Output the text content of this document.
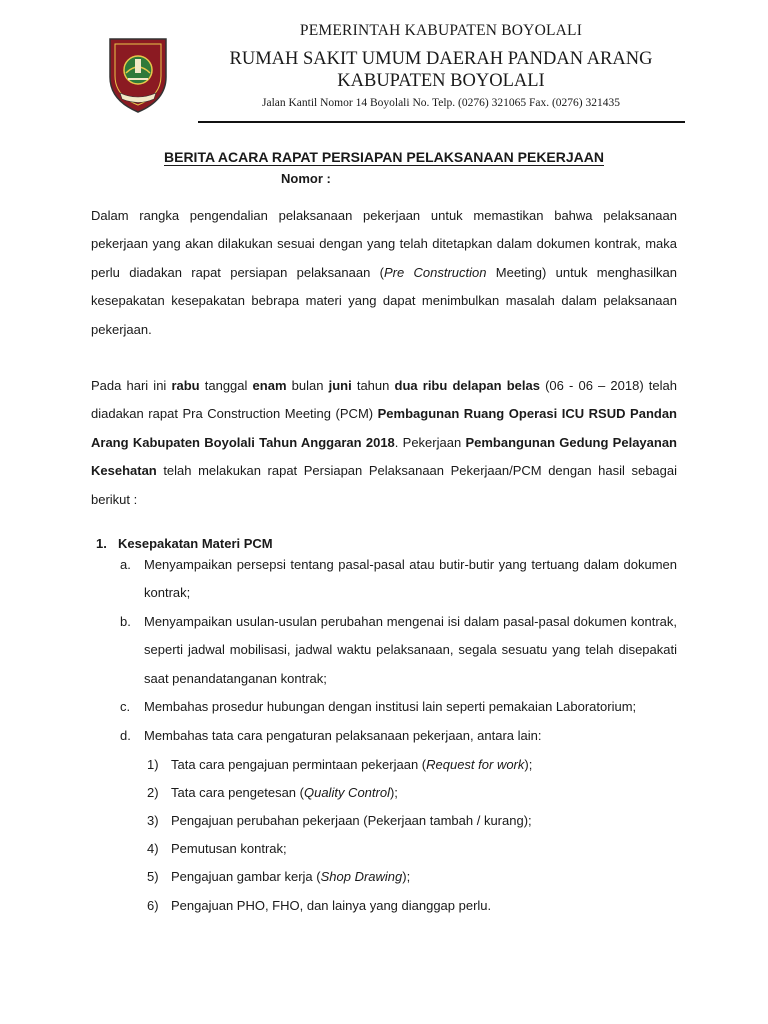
PEMERINTAH KABUPATEN BOYOLALI
RUMAH SAKIT UMUM DAERAH PANDAN ARANG
KABUPATEN BOYOLALI
Jalan Kantil Nomor 14 Boyolali No. Telp. (0276) 321065 Fax. (0276) 321435
BERITA ACARA RAPAT PERSIAPAN PELAKSANAAN PEKERJAAN
Nomor :
Dalam rangka pengendalian pelaksanaan pekerjaan untuk memastikan bahwa pelaksanaan pekerjaan yang akan dilakukan sesuai dengan yang telah ditetapkan dalam dokumen kontrak, maka perlu diadakan rapat persiapan pelaksanaan (Pre Construction Meeting) untuk menghasilkan kesepakatan kesepakatan bebrapa materi yang dapat menimbulkan masalah dalam pelaksanaan pekerjaan.
Pada hari ini rabu tanggal enam bulan juni tahun dua ribu delapan belas (06 - 06 – 2018) telah diadakan rapat Pra Construction Meeting (PCM) Pembagunan Ruang Operasi ICU RSUD Pandan Arang Kabupaten Boyolali Tahun Anggaran 2018. Pekerjaan Pembangunan Gedung Pelayanan Kesehatan telah melakukan rapat Persiapan Pelaksanaan Pekerjaan/PCM dengan hasil sebagai berikut :
1. Kesepakatan Materi PCM
a. Menyampaikan persepsi tentang pasal-pasal atau butir-butir yang tertuang dalam dokumen kontrak;
b. Menyampaikan usulan-usulan perubahan mengenai isi dalam pasal-pasal dokumen kontrak, seperti jadwal mobilisasi, jadwal waktu pelaksanaan, segala sesuatu yang telah disepakati saat penandatanganan kontrak;
c. Membahas prosedur hubungan dengan institusi lain seperti pemakaian Laboratorium;
d. Membahas tata cara pengaturan pelaksanaan pekerjaan, antara lain:
1) Tata cara pengajuan permintaan pekerjaan (Request for work);
2) Tata cara pengetesan (Quality Control);
3) Pengajuan perubahan pekerjaan (Pekerjaan tambah / kurang);
4) Pemutusan kontrak;
5) Pengajuan gambar kerja (Shop Drawing);
6) Pengajuan PHO, FHO, dan lainya yang dianggap perlu.
